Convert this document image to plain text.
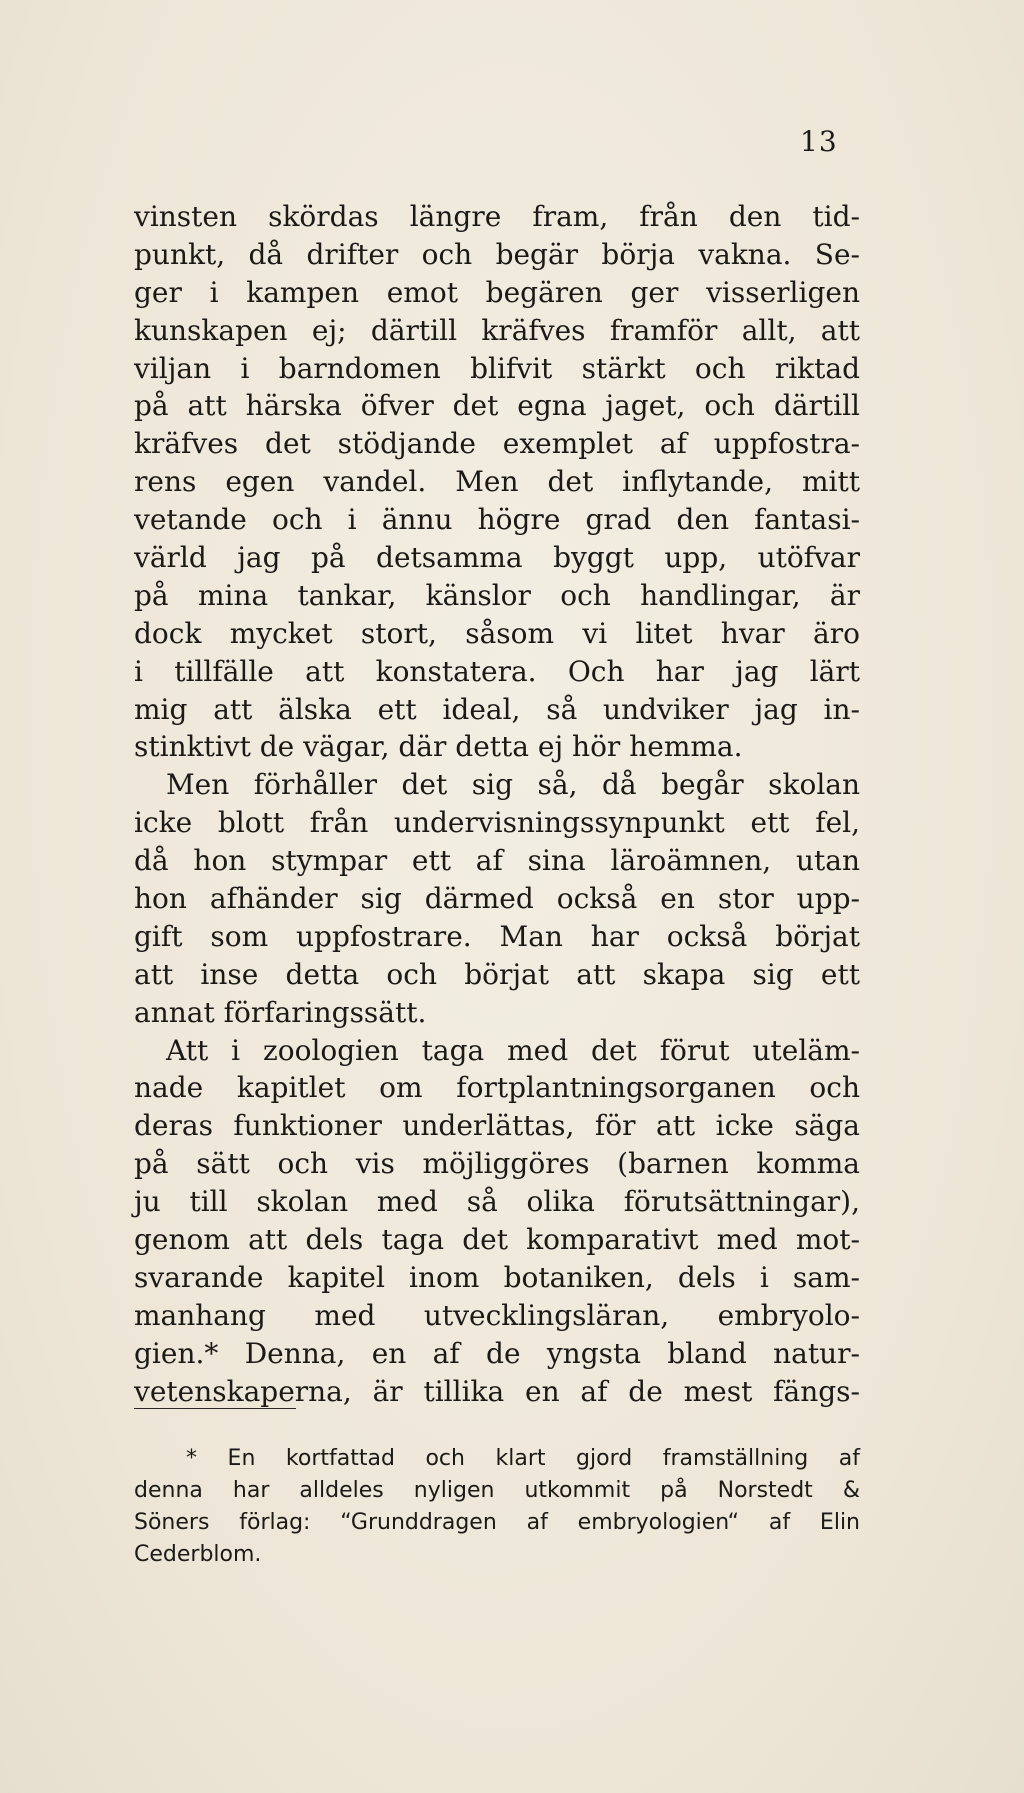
13
vinsten skördas längre fram, från den tid-
punkt, då drifter och begär börja vakna. Se-
ger i kampen emot begären ger visserligen
kunskapen ej; därtill kräfves framför allt, att
viljan i barndomen blifvit stärkt och riktad
på att härska öfver det egna jaget, och därtill
kräfves det stödjande exemplet af uppfostra-
rens egen vandel. Men det inflytande, mitt
vetande och i ännu högre grad den fantasi-
värld jag på detsamma byggt upp, utöfvar
på mina tankar, känslor och handlingar, är
dock mycket stort, såsom vi litet hvar äro
i tillfälle att konstatera. Och har jag lärt
mig att älska ett ideal, så undviker jag in-
stinktivt de vägar, där detta ej hör hemma.
Men förhåller det sig så, då begår skolan
icke blott från undervisningssynpunkt ett fel,
då hon stympar ett af sina läroämnen, utan
hon afhänder sig därmed också en stor upp-
gift som uppfostrare. Man har också börjat
att inse detta och börjat att skapa sig ett
annat förfaringssätt.
Att i zoologien taga med det förut uteläm-
nade kapitlet om fortplantningsorganen och
deras funktioner underlättas, för att icke säga
på sätt och vis möjliggöres (barnen komma
ju till skolan med så olika förutsättningar),
genom att dels taga det komparativt med mot-
svarande kapitel inom botaniken, dels i sam-
manhang med utvecklingsläran, embryolo-
gien.* Denna, en af de yngsta bland natur-
vetenskaperna, är tillika en af de mest fängs-
* En kortfattad och klart gjord framställning af
denna har alldeles nyligen utkommit på Norstedt &
Söners förlag: “Grunddragen af embryologien“ af Elin
Cederblom.
